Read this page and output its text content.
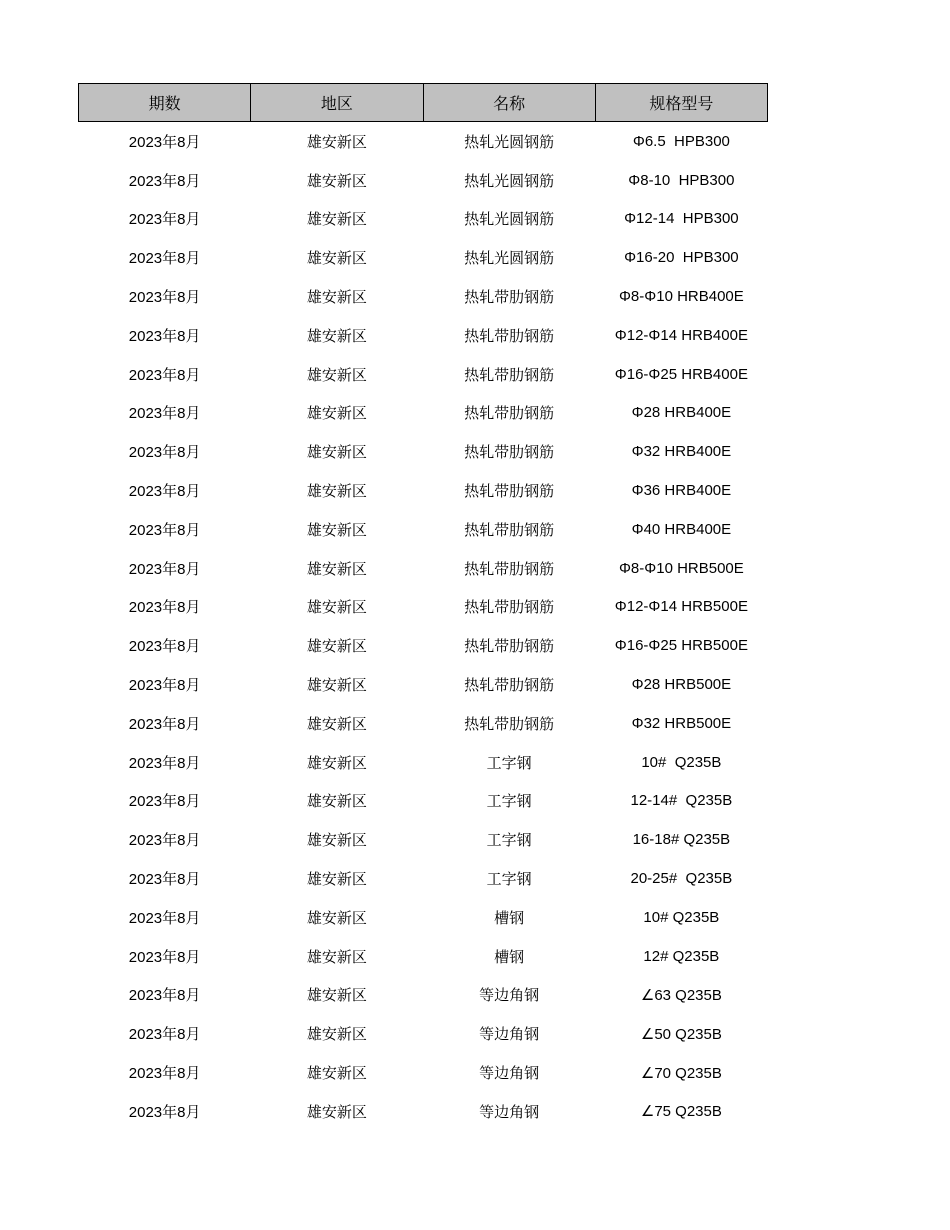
期数	地区	名称	规格型号
2023年8月	雄安新区	热轧光圆钢筋	Φ6.5  HPB300
2023年8月	雄安新区	热轧光圆钢筋	Φ8-10  HPB300
2023年8月	雄安新区	热轧光圆钢筋	Φ12-14  HPB300
2023年8月	雄安新区	热轧光圆钢筋	Φ16-20  HPB300
2023年8月	雄安新区	热轧带肋钢筋	Φ8-Φ10 HRB400E
2023年8月	雄安新区	热轧带肋钢筋	Φ12-Φ14 HRB400E
2023年8月	雄安新区	热轧带肋钢筋	Φ16-Φ25 HRB400E
2023年8月	雄安新区	热轧带肋钢筋	Φ28 HRB400E
2023年8月	雄安新区	热轧带肋钢筋	Φ32 HRB400E
2023年8月	雄安新区	热轧带肋钢筋	Φ36 HRB400E
2023年8月	雄安新区	热轧带肋钢筋	Φ40 HRB400E
2023年8月	雄安新区	热轧带肋钢筋	Φ8-Φ10 HRB500E
2023年8月	雄安新区	热轧带肋钢筋	Φ12-Φ14 HRB500E
2023年8月	雄安新区	热轧带肋钢筋	Φ16-Φ25 HRB500E
2023年8月	雄安新区	热轧带肋钢筋	Φ28 HRB500E
2023年8月	雄安新区	热轧带肋钢筋	Φ32 HRB500E
2023年8月	雄安新区	工字钢	10#  Q235B
2023年8月	雄安新区	工字钢	12-14#  Q235B
2023年8月	雄安新区	工字钢	16-18# Q235B
2023年8月	雄安新区	工字钢	20-25#  Q235B
2023年8月	雄安新区	槽钢	10# Q235B
2023年8月	雄安新区	槽钢	12# Q235B
2023年8月	雄安新区	等边角钢	∠63 Q235B
2023年8月	雄安新区	等边角钢	∠50 Q235B
2023年8月	雄安新区	等边角钢	∠70 Q235B
2023年8月	雄安新区	等边角钢	∠75 Q235B
